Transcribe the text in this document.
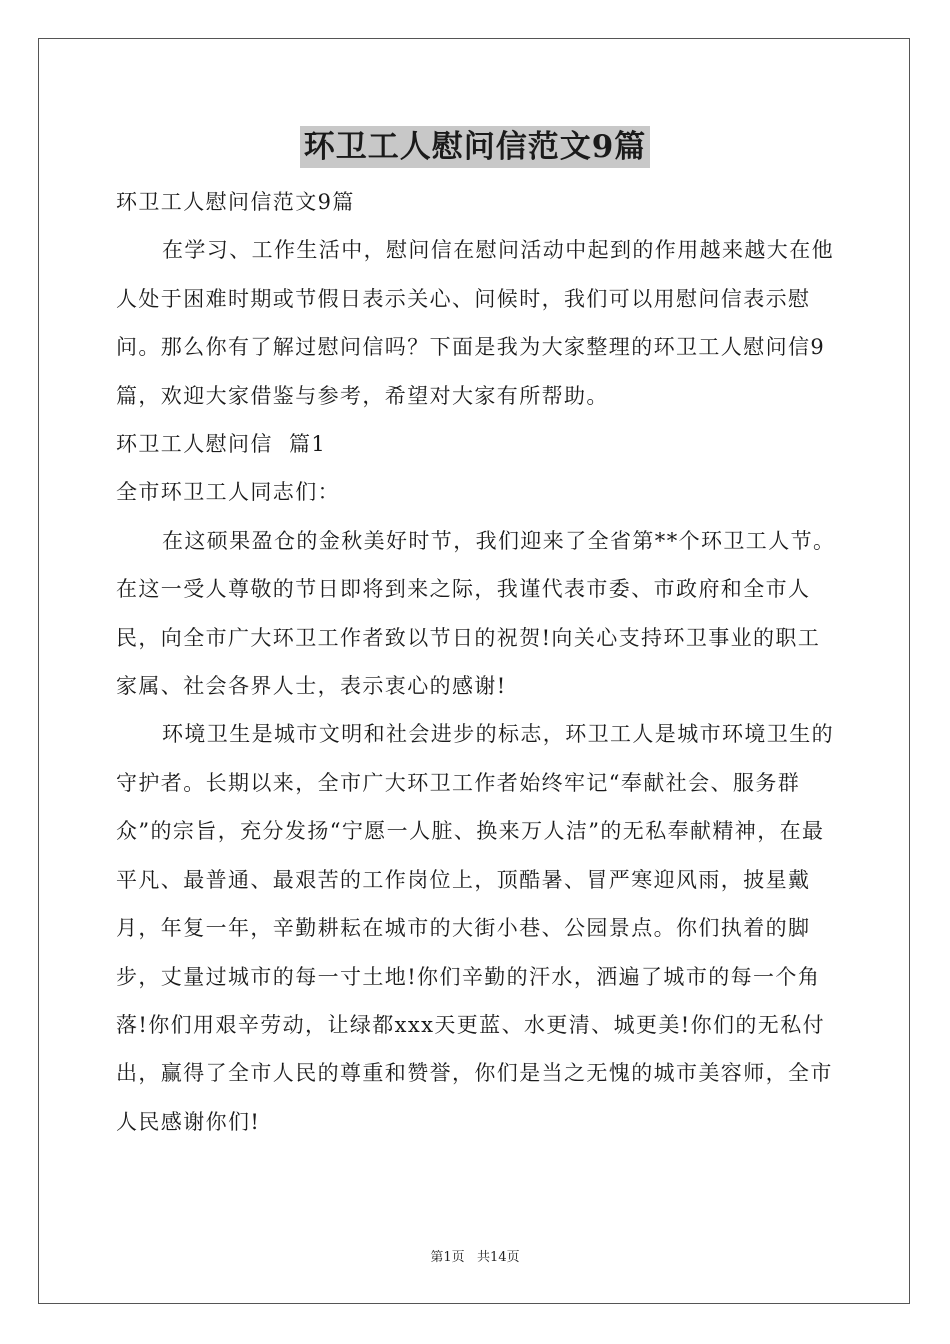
环卫工人慰问信范文9篇

环卫工人慰问信范文9篇

在学习、工作生活中，慰问信在慰问活动中起到的作用越来越大在他人处于困难时期或节假日表示关心、问候时，我们可以用慰问信表示慰问。那么你有了解过慰问信吗？下面是我为大家整理的环卫工人慰问信9篇，欢迎大家借鉴与参考，希望对大家有所帮助。

环卫工人慰问信  篇1

全市环卫工人同志们：

在这硕果盈仓的金秋美好时节，我们迎来了全省第**个环卫工人节。在这一受人尊敬的节日即将到来之际，我谨代表市委、市政府和全市人民，向全市广大环卫工作者致以节日的祝贺!向关心支持环卫事业的职工家属、社会各界人士，表示衷心的感谢!

环境卫生是城市文明和社会进步的标志，环卫工人是城市环境卫生的守护者。长期以来，全市广大环卫工作者始终牢记“奉献社会、服务群众”的宗旨，充分发扬“宁愿一人脏、换来万人洁”的无私奉献精神，在最平凡、最普通、最艰苦的工作岗位上，顶酷暑、冒严寒迎风雨，披星戴月，年复一年，辛勤耕耘在城市的大街小巷、公园景点。你们执着的脚步，丈量过城市的每一寸土地!你们辛勤的汗水，洒遍了城市的每一个角落!你们用艰辛劳动，让绿都xxx天更蓝、水更清、城更美!你们的无私付出，赢得了全市人民的尊重和赞誉，你们是当之无愧的城市美容师，全市人民感谢你们!

第1页   共14页
